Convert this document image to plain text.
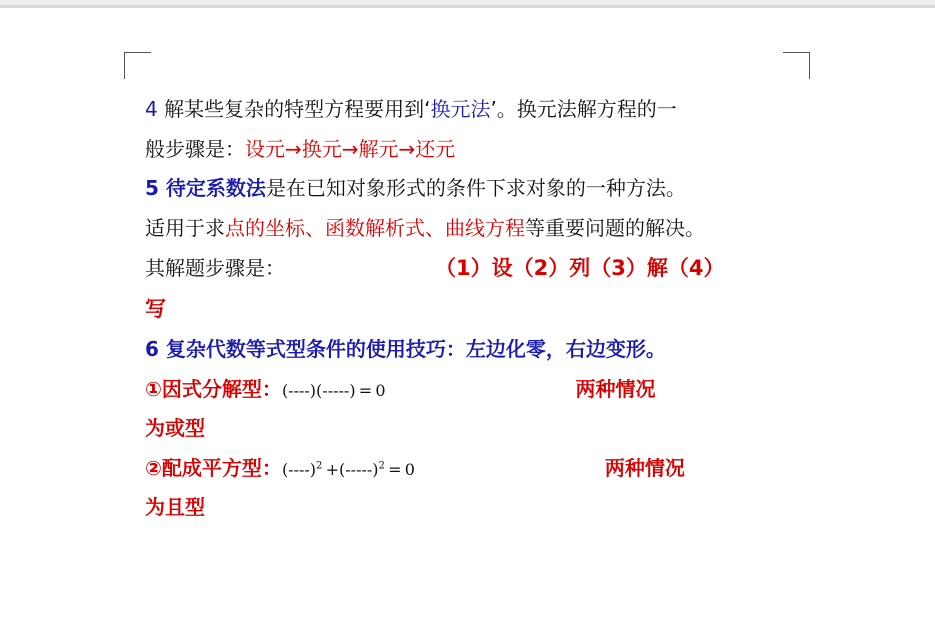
4 解某些复杂的特型方程要用到‘换元法’。换元法解方程的一
般步骤是：设元→换元→解元→还元
5 待定系数法是在已知对象形式的条件下求对象的一种方法。
适用于求点的坐标、函数解析式、曲线方程等重要问题的解决。
其解题步骤是：	（1）设（2）列（3）解（4）
写
6 复杂代数等式型条件的使用技巧：左边化零，右边变形。
①因式分解型：(----)(-----) = 0	两种情况
为或型
②配成平方型：$(----)^2 +(-----)^2 = 0$	两种情况
为且型
